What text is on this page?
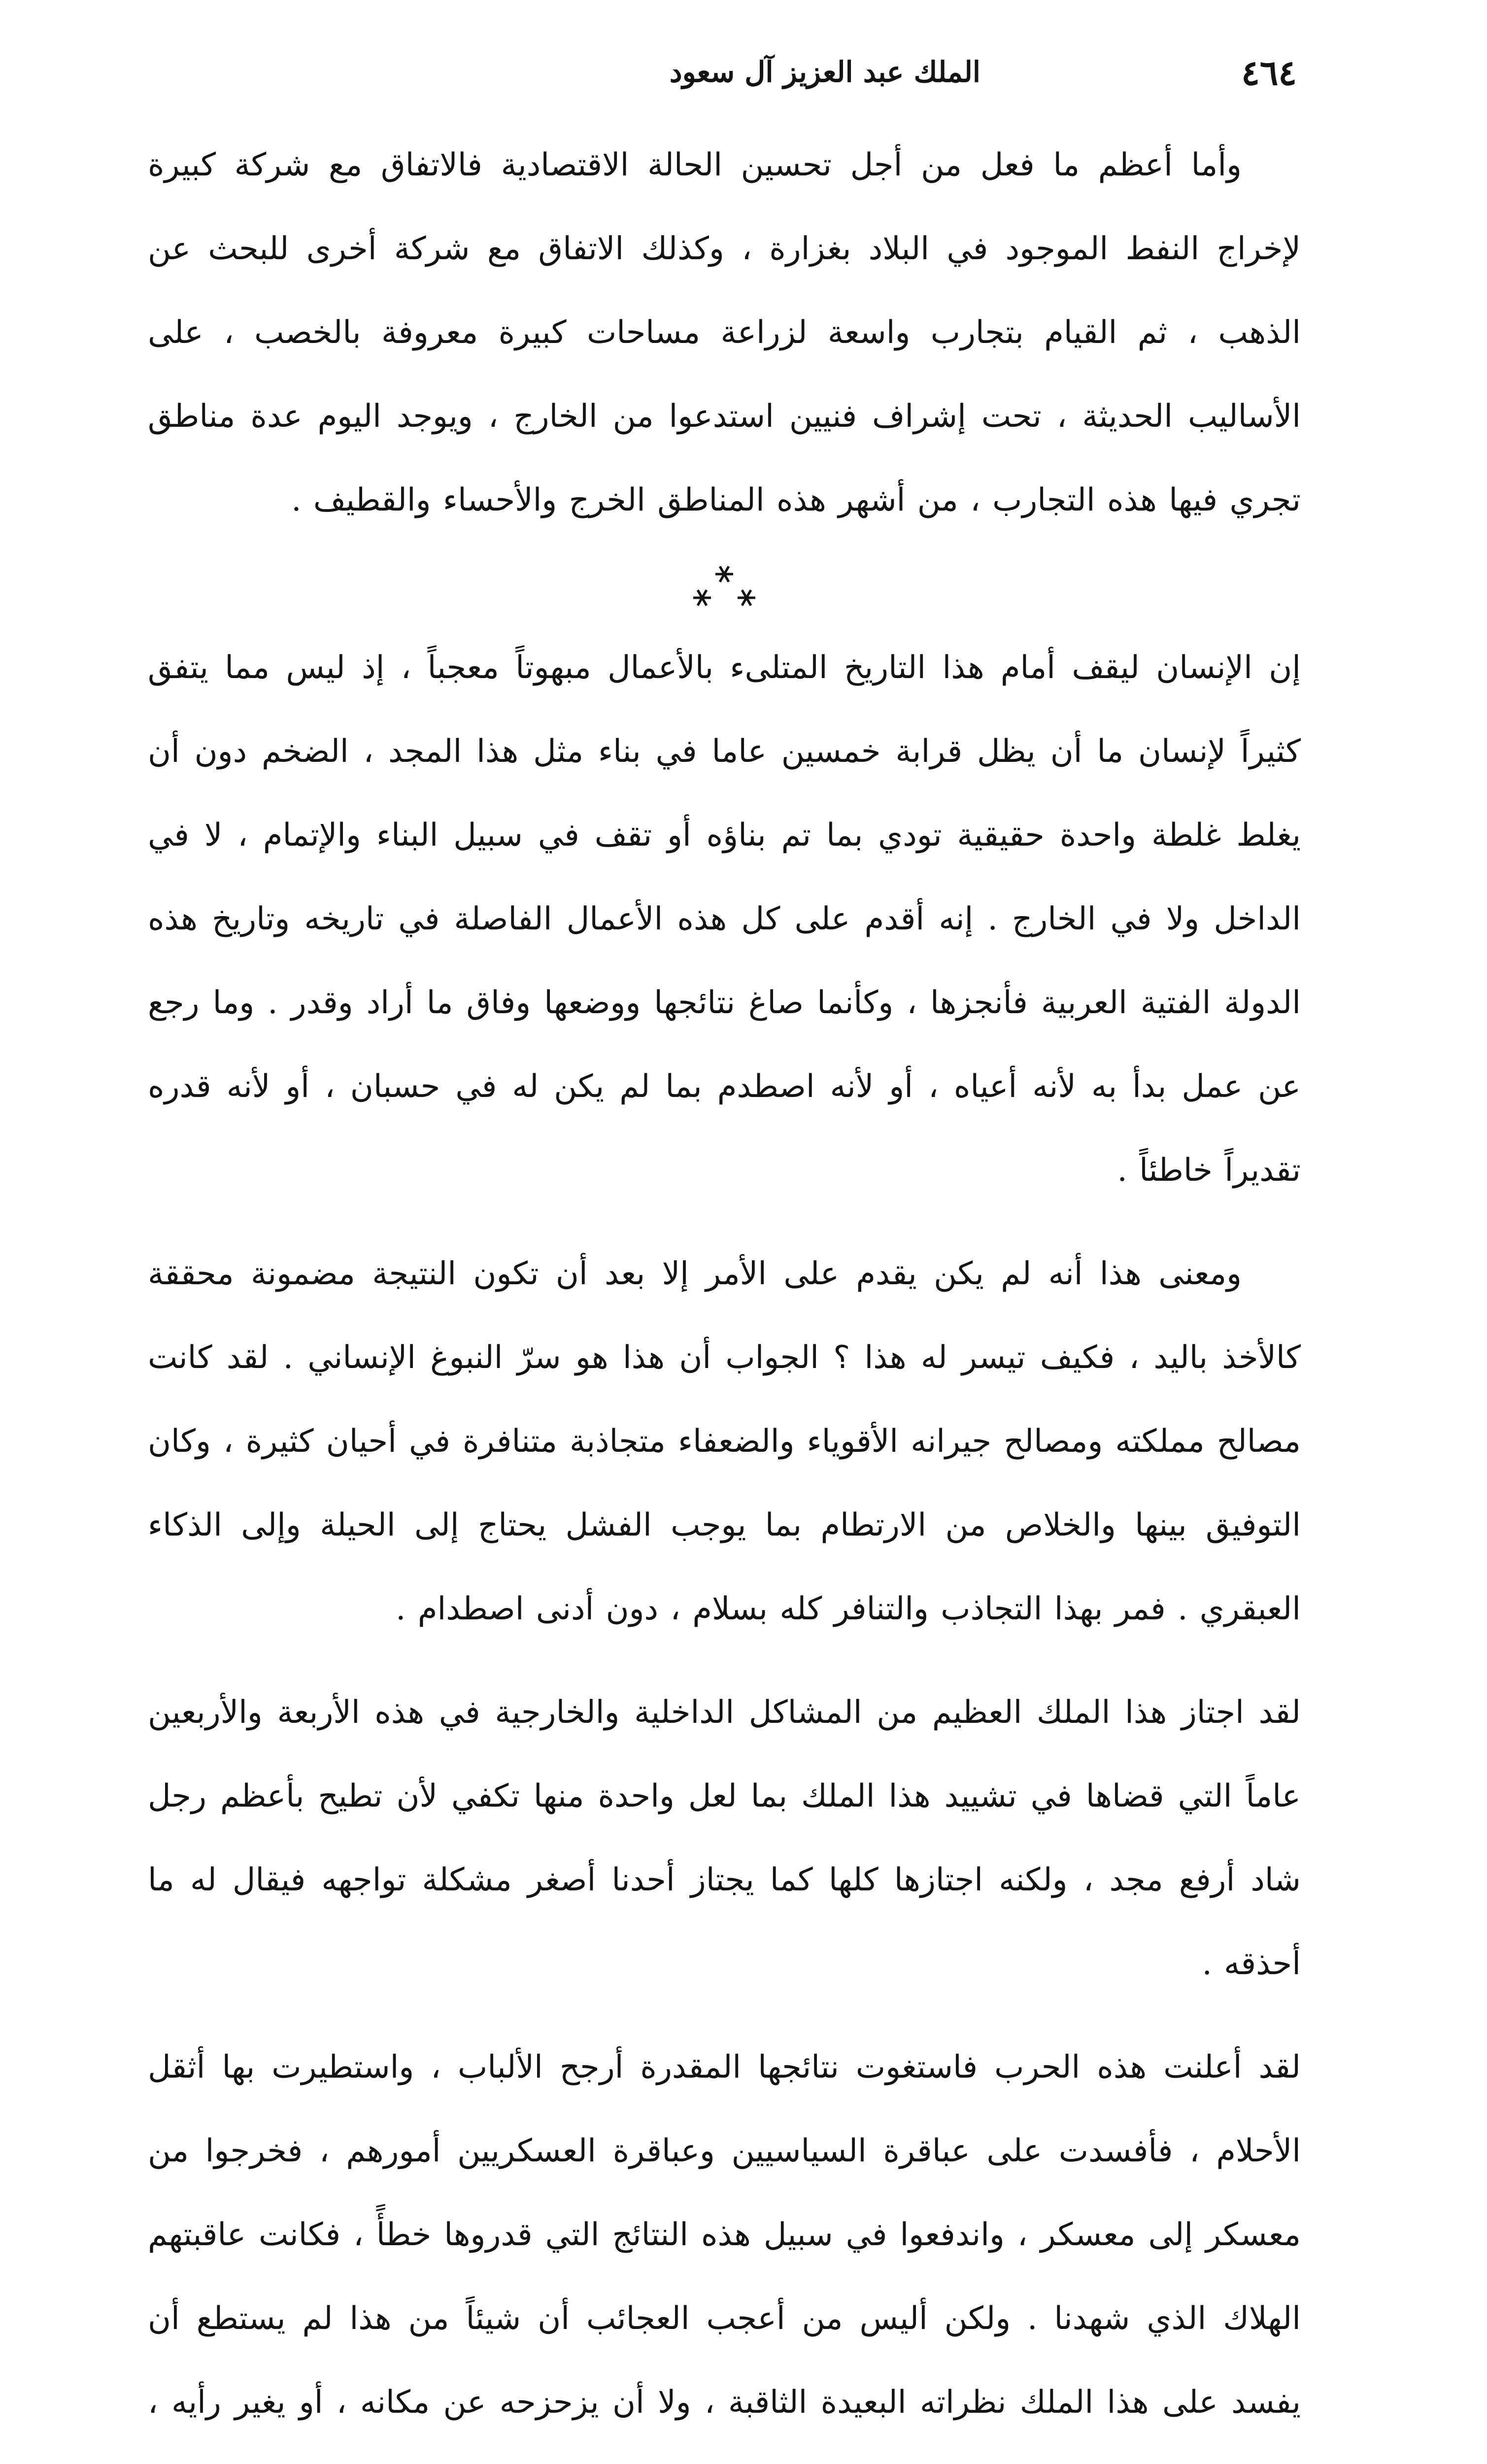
٤٦٤
الملك عبد العزيز آل سعود

وأما أعظم ما فعل من أجل تحسين الحالة الاقتصادية فالاتفاق مع شركة كبيرة لإخراج النفط الموجود في البلاد بغزارة ، وكذلك الاتفاق مع شركة أخرى للبحث عن الذهب ، ثم القيام بتجارب واسعة لزراعة مساحات كبيرة معروفة بالخصب ، على الأساليب الحديثة ، تحت إشراف فنيين استدعوا من الخارج ، ويوجد اليوم عدة مناطق تجري فيها هذه التجارب ، من أشهر هذه المناطق الخرج والأحساء والقطيف .

إن الإنسان ليقف أمام هذا التاريخ المتلىء بالأعمال مبهوتاً معجباً ، إذ ليس مما يتفق كثيراً لإنسان ما أن يظل قرابة خمسين عاما في بناء مثل هذا المجد ، الضخم دون أن يغلط غلطة واحدة حقيقية تودي بما تم بناؤه أو تقف في سبيل البناء والإتمام ، لا في الداخل ولا في الخارج . إنه أقدم على كل هذه الأعمال الفاصلة في تاريخه وتاريخ هذه الدولة الفتية العربية فأنجزها ، وكأنما صاغ نتائجها ووضعها وفاق ما أراد وقدر . وما رجع عن عمل بدأ به لأنه أعياه ، أو لأنه اصطدم بما لم يكن له في حسبان ، أو لأنه قدره تقديراً خاطئاً .

ومعنى هذا أنه لم يكن يقدم على الأمر إلا بعد أن تكون النتيجة مضمونة محققة كالأخذ باليد ، فكيف تيسر له هذا ؟ الجواب أن هذا هو سرّ النبوغ الإنساني . لقد كانت مصالح مملكته ومصالح جيرانه الأقوياء والضعفاء متجاذبة متنافرة في أحيان كثيرة ، وكان التوفيق بينها والخلاص من الارتطام بما يوجب الفشل يحتاج إلى الحيلة وإلى الذكاء العبقري . فمر بهذا التجاذب والتنافر كله بسلام ، دون أدنى اصطدام .

لقد اجتاز هذا الملك العظيم من المشاكل الداخلية والخارجية في هذه الأربعة والأربعين عاماً التي قضاها في تشييد هذا الملك بما لعل واحدة منها تكفي لأن تطيح بأعظم رجل شاد أرفع مجد ، ولكنه اجتازها كلها كما يجتاز أحدنا أصغر مشكلة تواجهه فيقال له ما أحذقه .

لقد أعلنت هذه الحرب فاستغوت نتائجها المقدرة أرجح الألباب ، واستطيرت بها أثقل الأحلام ، فأفسدت على عباقرة السياسيين وعباقرة العسكريين أمورهم ، فخرجوا من معسكر إلى معسكر ، واندفعوا في سبيل هذه النتائج التي قدروها خطأً ، فكانت عاقبتهم الهلاك الذي شهدنا . ولكن أليس من أعجب العجائب أن شيئاً من هذا لم يستطع أن يفسد على هذا الملك نظراته البعيدة الثاقبة ، ولا أن يزحزحه عن مكانه ، أو يغير رأيه ،
